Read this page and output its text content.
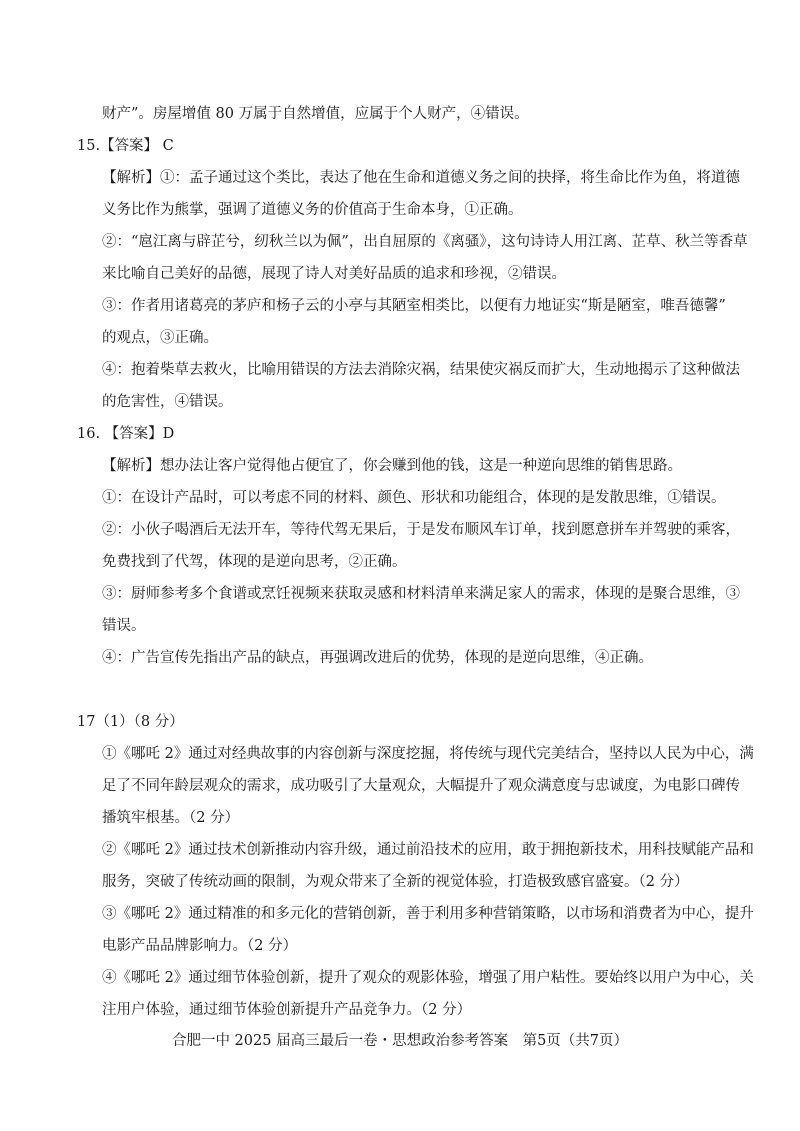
财产”。房屋增值 80 万属于自然增值，应属于个人财产，④错误。
15.【答案】 C
【解析】①：孟子通过这个类比，表达了他在生命和道德义务之间的抉择，将生命比作为鱼，将道德
义务比作为熊掌，强调了道德义务的价值高于生命本身，①正确。
②：“扈江离与辟芷兮，纫秋兰以为佩”，出自屈原的《离骚》，这句诗诗人用江离、芷草、秋兰等香草
来比喻自己美好的品德，展现了诗人对美好品质的追求和珍视，②错误。
③：作者用诸葛亮的茅庐和杨子云的小亭与其陋室相类比，以便有力地证实“斯是陋室，唯吾德馨”
的观点，③正确。
④：抱着柴草去救火，比喻用错误的方法去消除灾祸，结果使灾祸反而扩大，生动地揭示了这种做法
的危害性，④错误。
16. 【答案】D
【解析】想办法让客户觉得他占便宜了，你会赚到他的钱，这是一种逆向思维的销售思路。
①：在设计产品时，可以考虑不同的材料、颜色、形状和功能组合，体现的是发散思维，①错误。
②：小伙子喝酒后无法开车，等待代驾无果后，于是发布顺风车订单，找到愿意拼车并驾驶的乘客，
免费找到了代驾，体现的是逆向思考，②正确。
③：厨师参考多个食谱或烹饪视频来获取灵感和材料清单来满足家人的需求，体现的是聚合思维，③
错误。
④：广告宣传先指出产品的缺点，再强调改进后的优势，体现的是逆向思维，④正确。
17（1）（8 分）
①《哪吒 2》通过对经典故事的内容创新与深度挖掘，将传统与现代完美结合，坚持以人民为中心，满
足了不同年龄层观众的需求，成功吸引了大量观众，大幅提升了观众满意度与忠诚度，为电影口碑传
播筑牢根基。（2 分）
②《哪吒 2》通过技术创新推动内容升级，通过前沿技术的应用，敢于拥抱新技术，用科技赋能产品和
服务，突破了传统动画的限制，为观众带来了全新的视觉体验，打造极致感官盛宴。（2 分）
③《哪吒 2》通过精准的和多元化的营销创新，善于利用多种营销策略，以市场和消费者为中心，提升
电影产品品牌影响力。（2 分）
④《哪吒 2》通过细节体验创新，提升了观众的观影体验，增强了用户粘性。要始终以用户为中心，关
注用户体验，通过细节体验创新提升产品竞争力。（2 分）
合肥一中 2025 届高三最后一卷・思想政治参考答案　第5页（共7页）
